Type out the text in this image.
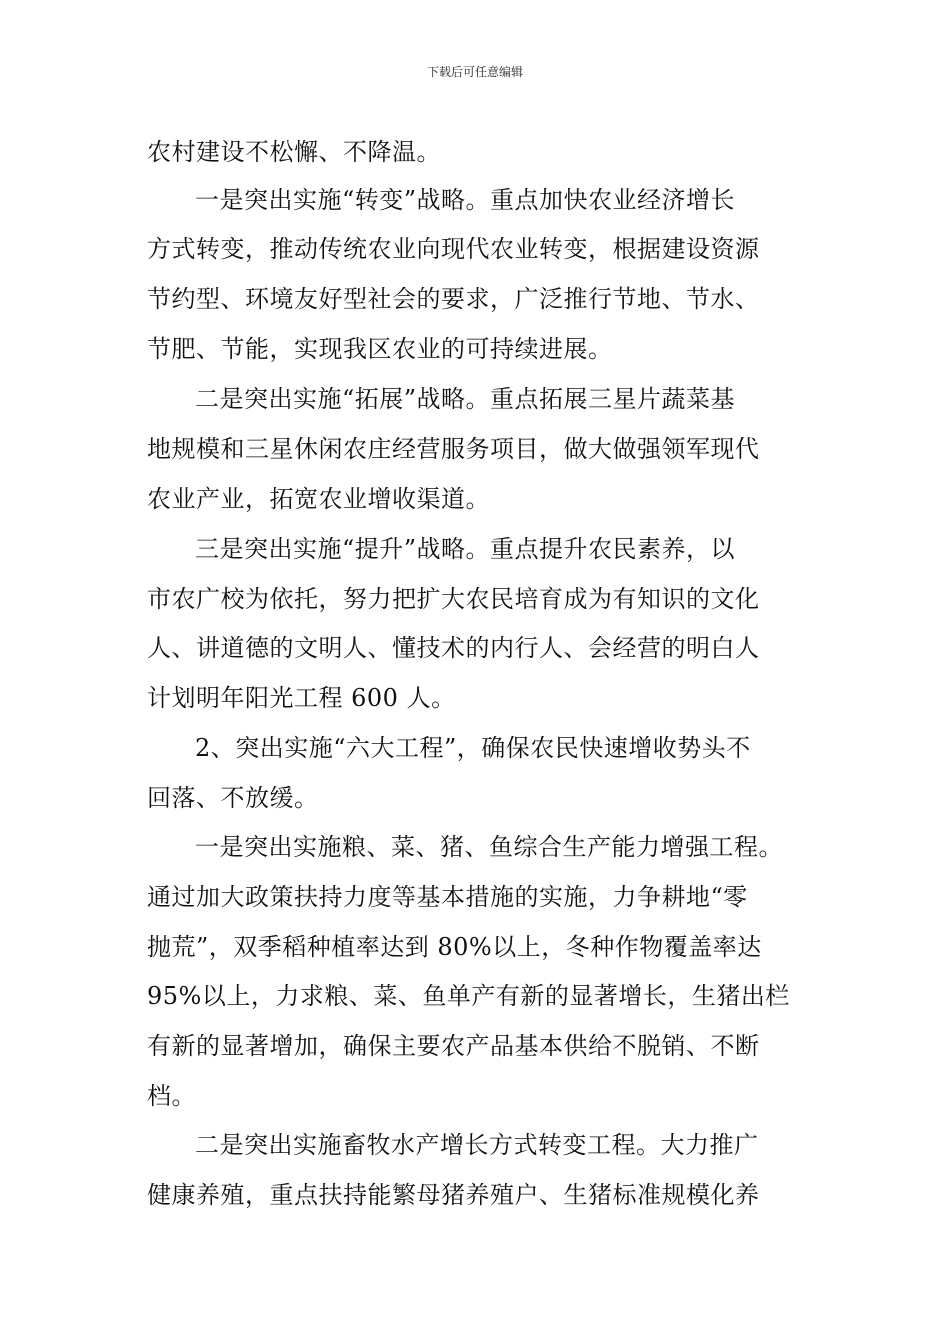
下载后可任意编辑
农村建设不松懈、不降温。
一是突出实施“转变”战略。重点加快农业经济增长
方式转变，推动传统农业向现代农业转变，根据建设资源
节约型、环境友好型社会的要求，广泛推行节地、节水、
节肥、节能，实现我区农业的可持续进展。
二是突出实施“拓展”战略。重点拓展三星片蔬菜基
地规模和三星休闲农庄经营服务项目，做大做强领军现代
农业产业，拓宽农业增收渠道。
三是突出实施“提升”战略。重点提升农民素养，以
市农广校为依托，努力把扩大农民培育成为有知识的文化
人、讲道德的文明人、懂技术的内行人、会经营的明白人
计划明年阳光工程 600 人。
2、突出实施“六大工程”，确保农民快速增收势头不
回落、不放缓。
一是突出实施粮、菜、猪、鱼综合生产能力增强工程。
通过加大政策扶持力度等基本措施的实施，力争耕地“零
抛荒”，双季稻种植率达到 80%以上，冬种作物覆盖率达
95%以上，力求粮、菜、鱼单产有新的显著增长，生猪出栏
有新的显著增加，确保主要农产品基本供给不脱销、不断
档。
二是突出实施畜牧水产增长方式转变工程。大力推广
健康养殖，重点扶持能繁母猪养殖户、生猪标准规模化养
